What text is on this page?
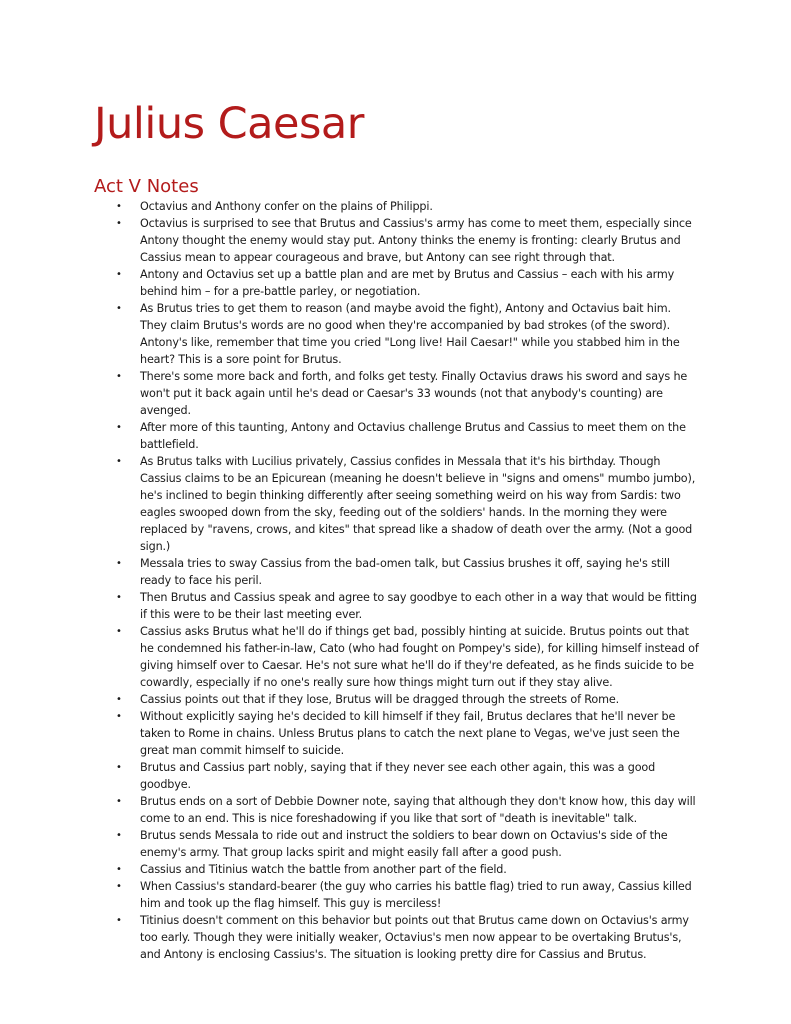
Julius Caesar
Act V Notes
• Octavius and Anthony confer on the plains of Philippi.
• Octavius is surprised to see that Brutus and Cassius's army has come to meet them, especially since Antony thought the enemy would stay put. Antony thinks the enemy is fronting: clearly Brutus and Cassius mean to appear courageous and brave, but Antony can see right through that.
• Antony and Octavius set up a battle plan and are met by Brutus and Cassius – each with his army behind him – for a pre-battle parley, or negotiation.
• As Brutus tries to get them to reason (and maybe avoid the fight), Antony and Octavius bait him. They claim Brutus's words are no good when they're accompanied by bad strokes (of the sword). Antony's like, remember that time you cried "Long live! Hail Caesar!" while you stabbed him in the heart? This is a sore point for Brutus.
• There's some more back and forth, and folks get testy. Finally Octavius draws his sword and says he won't put it back again until he's dead or Caesar's 33 wounds (not that anybody's counting) are avenged.
• After more of this taunting, Antony and Octavius challenge Brutus and Cassius to meet them on the battlefield.
• As Brutus talks with Lucilius privately, Cassius confides in Messala that it's his birthday. Though Cassius claims to be an Epicurean (meaning he doesn't believe in "signs and omens" mumbo jumbo), he's inclined to begin thinking differently after seeing something weird on his way from Sardis: two eagles swooped down from the sky, feeding out of the soldiers' hands. In the morning they were replaced by "ravens, crows, and kites" that spread like a shadow of death over the army. (Not a good sign.)
• Messala tries to sway Cassius from the bad-omen talk, but Cassius brushes it off, saying he's still ready to face his peril.
• Then Brutus and Cassius speak and agree to say goodbye to each other in a way that would be fitting if this were to be their last meeting ever.
• Cassius asks Brutus what he'll do if things get bad, possibly hinting at suicide. Brutus points out that he condemned his father-in-law, Cato (who had fought on Pompey's side), for killing himself instead of giving himself over to Caesar. He's not sure what he'll do if they're defeated, as he finds suicide to be cowardly, especially if no one's really sure how things might turn out if they stay alive.
• Cassius points out that if they lose, Brutus will be dragged through the streets of Rome.
• Without explicitly saying he's decided to kill himself if they fail, Brutus declares that he'll never be taken to Rome in chains. Unless Brutus plans to catch the next plane to Vegas, we've just seen the great man commit himself to suicide.
• Brutus and Cassius part nobly, saying that if they never see each other again, this was a good goodbye.
• Brutus ends on a sort of Debbie Downer note, saying that although they don't know how, this day will come to an end. This is nice foreshadowing if you like that sort of "death is inevitable" talk.
• Brutus sends Messala to ride out and instruct the soldiers to bear down on Octavius's side of the enemy's army. That group lacks spirit and might easily fall after a good push.
• Cassius and Titinius watch the battle from another part of the field.
• When Cassius's standard-bearer (the guy who carries his battle flag) tried to run away, Cassius killed him and took up the flag himself. This guy is merciless!
• Titinius doesn't comment on this behavior but points out that Brutus came down on Octavius's army too early. Though they were initially weaker, Octavius's men now appear to be overtaking Brutus's, and Antony is enclosing Cassius's. The situation is looking pretty dire for Cassius and Brutus.
